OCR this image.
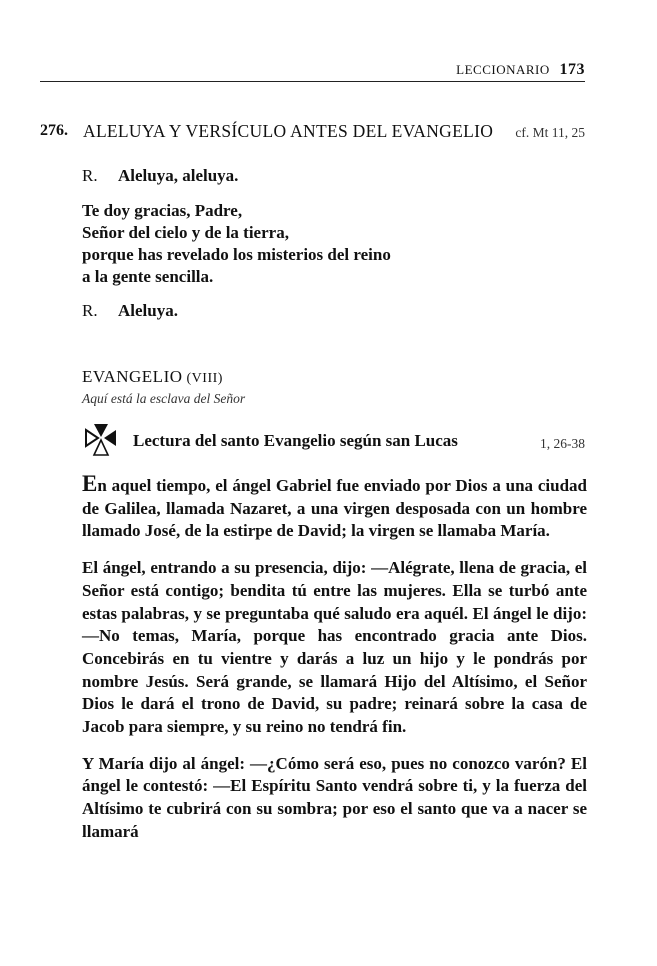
LECCIONARIO 173
276. ALELUYA Y VERSÍCULO ANTES DEL EVANGELIO cf. Mt 11, 25
R. Aleluya, aleluya.
Te doy gracias, Padre,
Señor del cielo y de la tierra,
porque has revelado los misterios del reino
a la gente sencilla.
R. Aleluya.
EVANGELIO (VIII)
Aquí está la esclava del Señor
Lectura del santo Evangelio según san Lucas	1, 26-38

En aquel tiempo, el ángel Gabriel fue enviado por Dios a una ciudad de Galilea, llamada Nazaret, a una virgen desposada con un hombre llamado José, de la estirpe de David; la virgen se llamaba María.

El ángel, entrando a su presencia, dijo: —Alégrate, llena de gracia, el Señor está contigo; bendita tú entre las mujeres. Ella se turbó ante estas palabras, y se preguntaba qué saludo era aquél. El ángel le dijo: —No temas, María, porque has encontrado gracia ante Dios. Concebirás en tu vientre y darás a luz un hijo y le pondrás por nombre Jesús. Será grande, se llamará Hijo del Altísimo, el Señor Dios le dará el trono de David, su padre; reinará sobre la casa de Jacob para siempre, y su reino no tendrá fin.

Y María dijo al ángel: —¿Cómo será eso, pues no conozco varón? El ángel le contestó: —El Espíritu Santo vendrá sobre ti, y la fuerza del Altísimo te cubrirá con su sombra; por eso el santo que va a nacer se llamará
